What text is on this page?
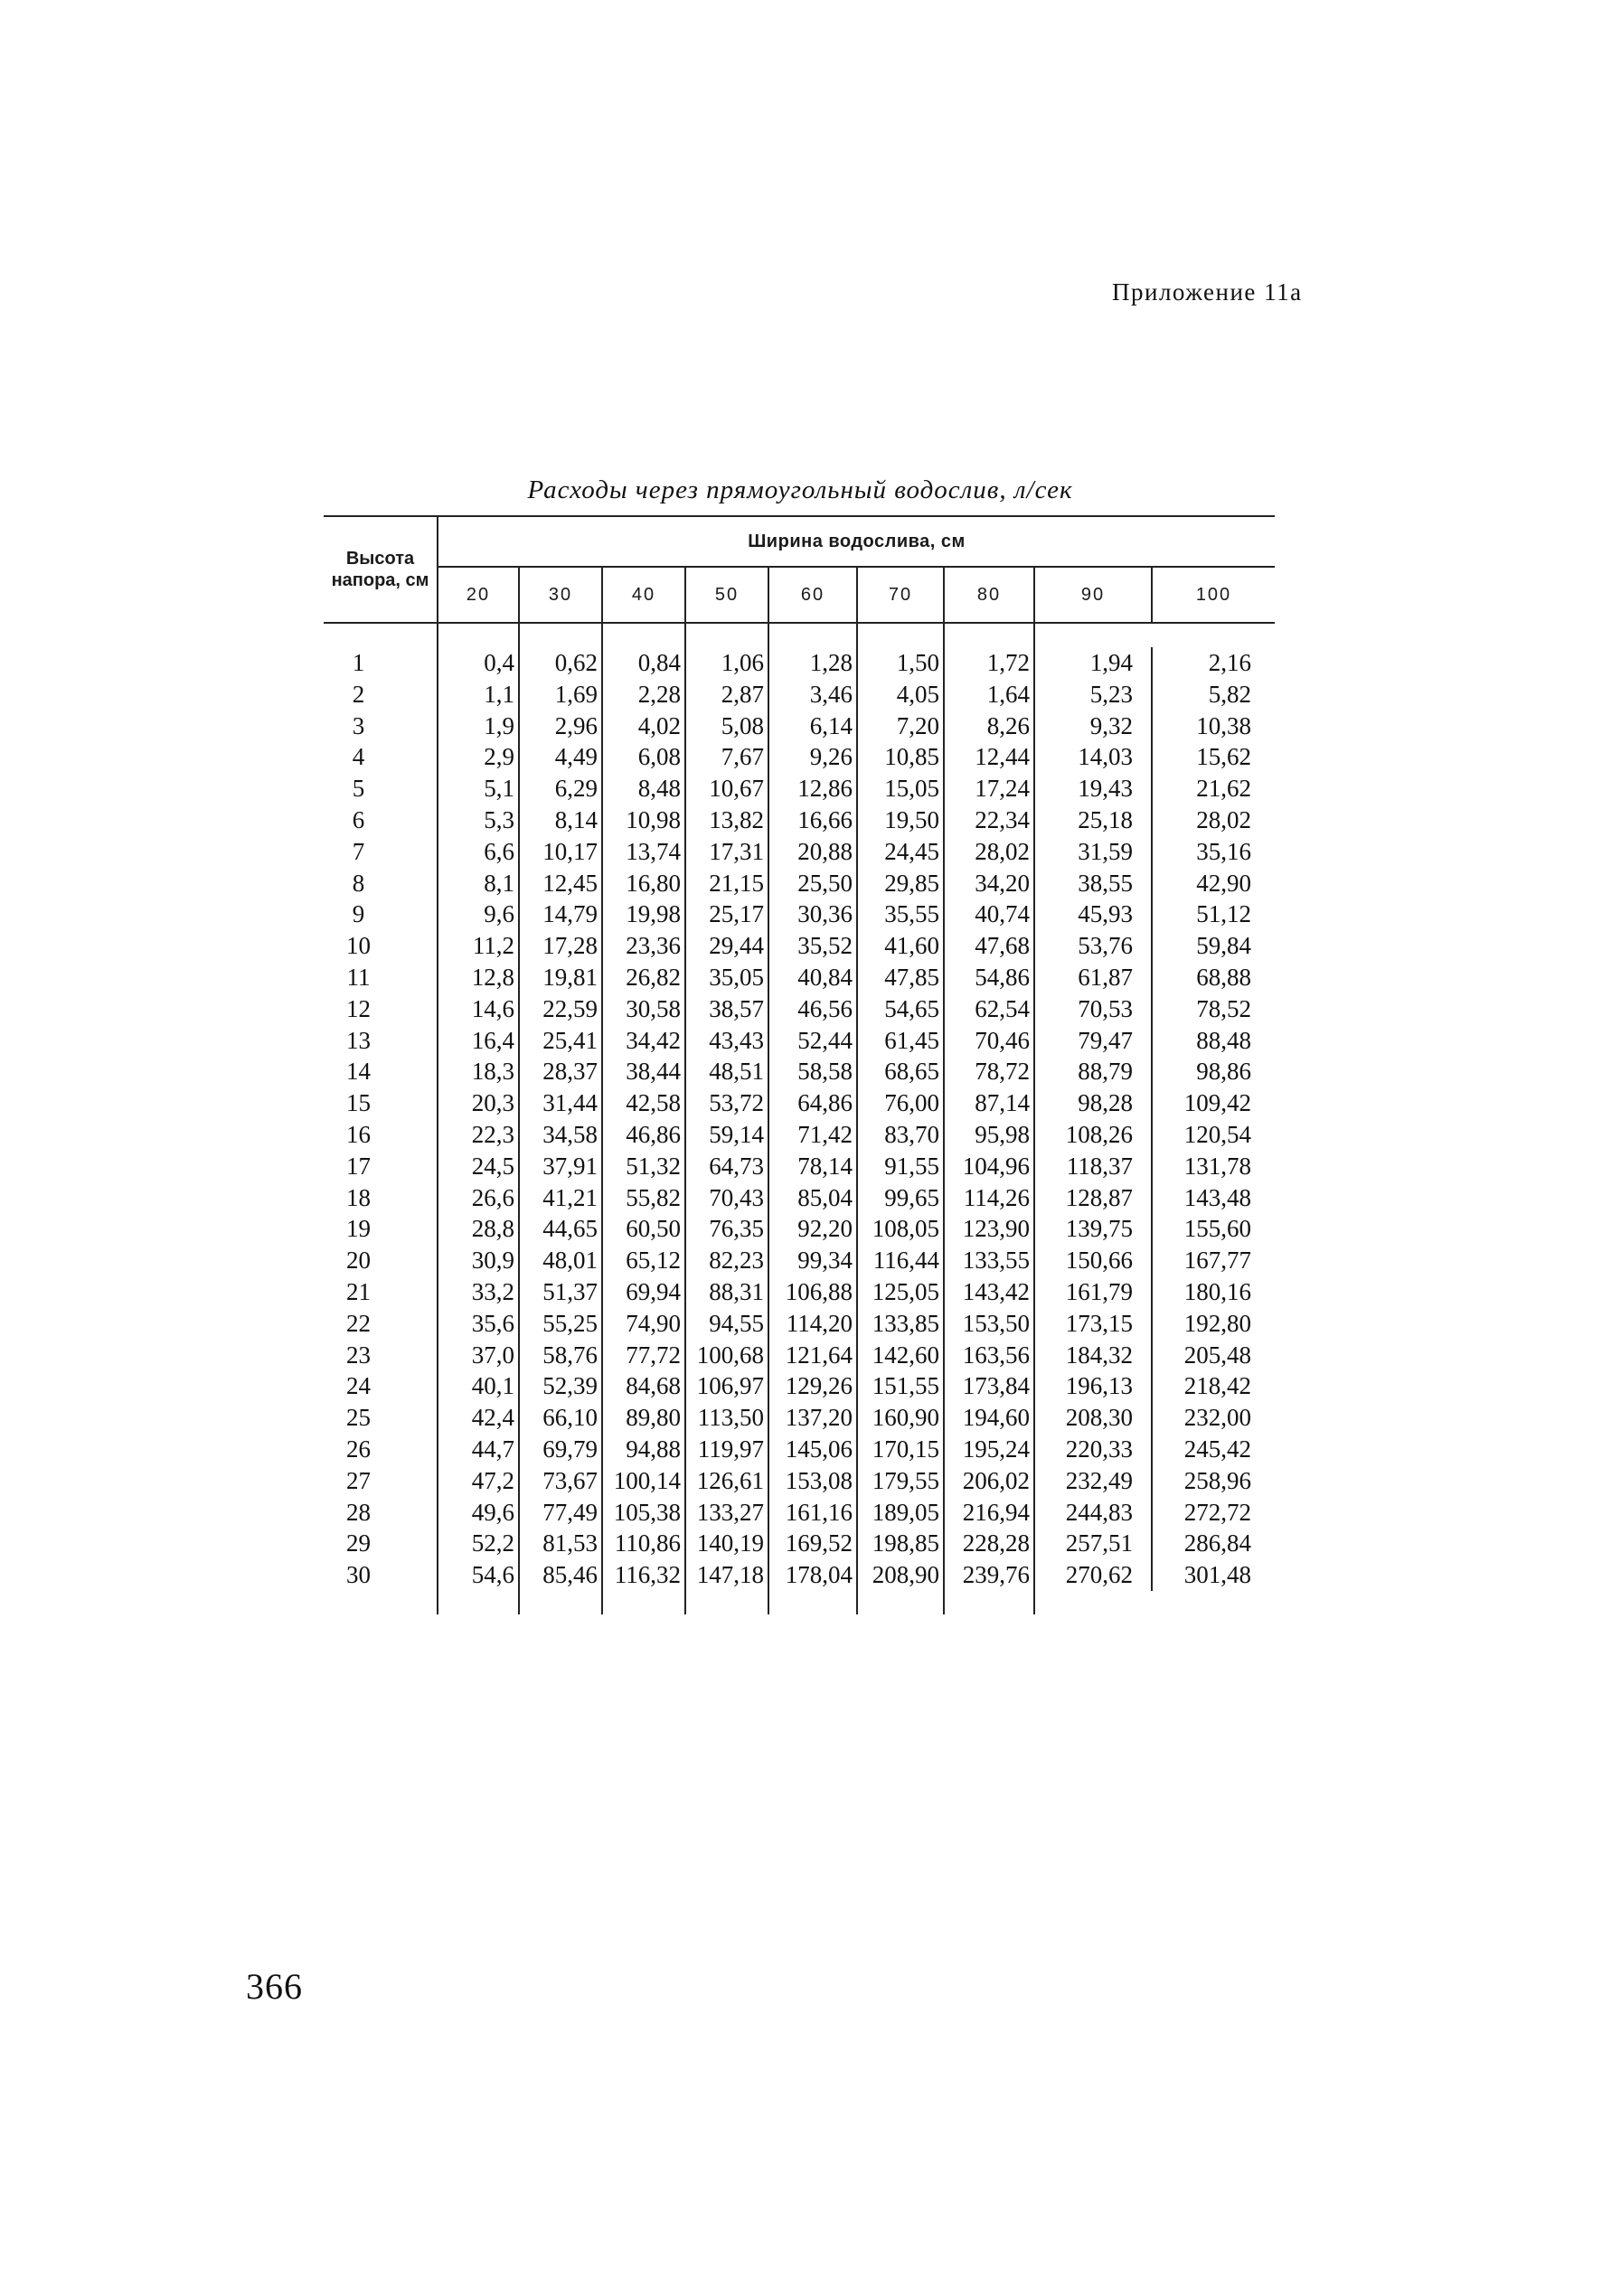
Приложение 11а
Расходы через прямоугольный водослив, л/сек
Высота напора, см	Ширина водослива, см								
	20	30	40	50	60	70	80	90	100

1	0,4	0,62	0,84	1,06	1,28	1,50	1,72	1,94	2,16
2	1,1	1,69	2,28	2,87	3,46	4,05	1,64	5,23	5,82
3	1,9	2,96	4,02	5,08	6,14	7,20	8,26	9,32	10,38
4	2,9	4,49	6,08	7,67	9,26	10,85	12,44	14,03	15,62
5	5,1	6,29	8,48	10,67	12,86	15,05	17,24	19,43	21,62
6	5,3	8,14	10,98	13,82	16,66	19,50	22,34	25,18	28,02
7	6,6	10,17	13,74	17,31	20,88	24,45	28,02	31,59	35,16
8	8,1	12,45	16,80	21,15	25,50	29,85	34,20	38,55	42,90
9	9,6	14,79	19,98	25,17	30,36	35,55	40,74	45,93	51,12
10	11,2	17,28	23,36	29,44	35,52	41,60	47,68	53,76	59,84
11	12,8	19,81	26,82	35,05	40,84	47,85	54,86	61,87	68,88
12	14,6	22,59	30,58	38,57	46,56	54,65	62,54	70,53	78,52
13	16,4	25,41	34,42	43,43	52,44	61,45	70,46	79,47	88,48
14	18,3	28,37	38,44	48,51	58,58	68,65	78,72	88,79	98,86
15	20,3	31,44	42,58	53,72	64,86	76,00	87,14	98,28	109,42
16	22,3	34,58	46,86	59,14	71,42	83,70	95,98	108,26	120,54
17	24,5	37,91	51,32	64,73	78,14	91,55	104,96	118,37	131,78
18	26,6	41,21	55,82	70,43	85,04	99,65	114,26	128,87	143,48
19	28,8	44,65	60,50	76,35	92,20	108,05	123,90	139,75	155,60
20	30,9	48,01	65,12	82,23	99,34	116,44	133,55	150,66	167,77
21	33,2	51,37	69,94	88,31	106,88	125,05	143,42	161,79	180,16
22	35,6	55,25	74,90	94,55	114,20	133,85	153,50	173,15	192,80
23	37,0	58,76	77,72	100,68	121,64	142,60	163,56	184,32	205,48
24	40,1	52,39	84,68	106,97	129,26	151,55	173,84	196,13	218,42
25	42,4	66,10	89,80	113,50	137,20	160,90	194,60	208,30	232,00
26	44,7	69,79	94,88	119,97	145,06	170,15	195,24	220,33	245,42
27	47,2	73,67	100,14	126,61	153,08	179,55	206,02	232,49	258,96
28	49,6	77,49	105,38	133,27	161,16	189,05	216,94	244,83	272,72
29	52,2	81,53	110,86	140,19	169,52	198,85	228,28	257,51	286,84
30	54,6	85,46	116,32	147,18	178,04	208,90	239,76	270,62	301,48

366
